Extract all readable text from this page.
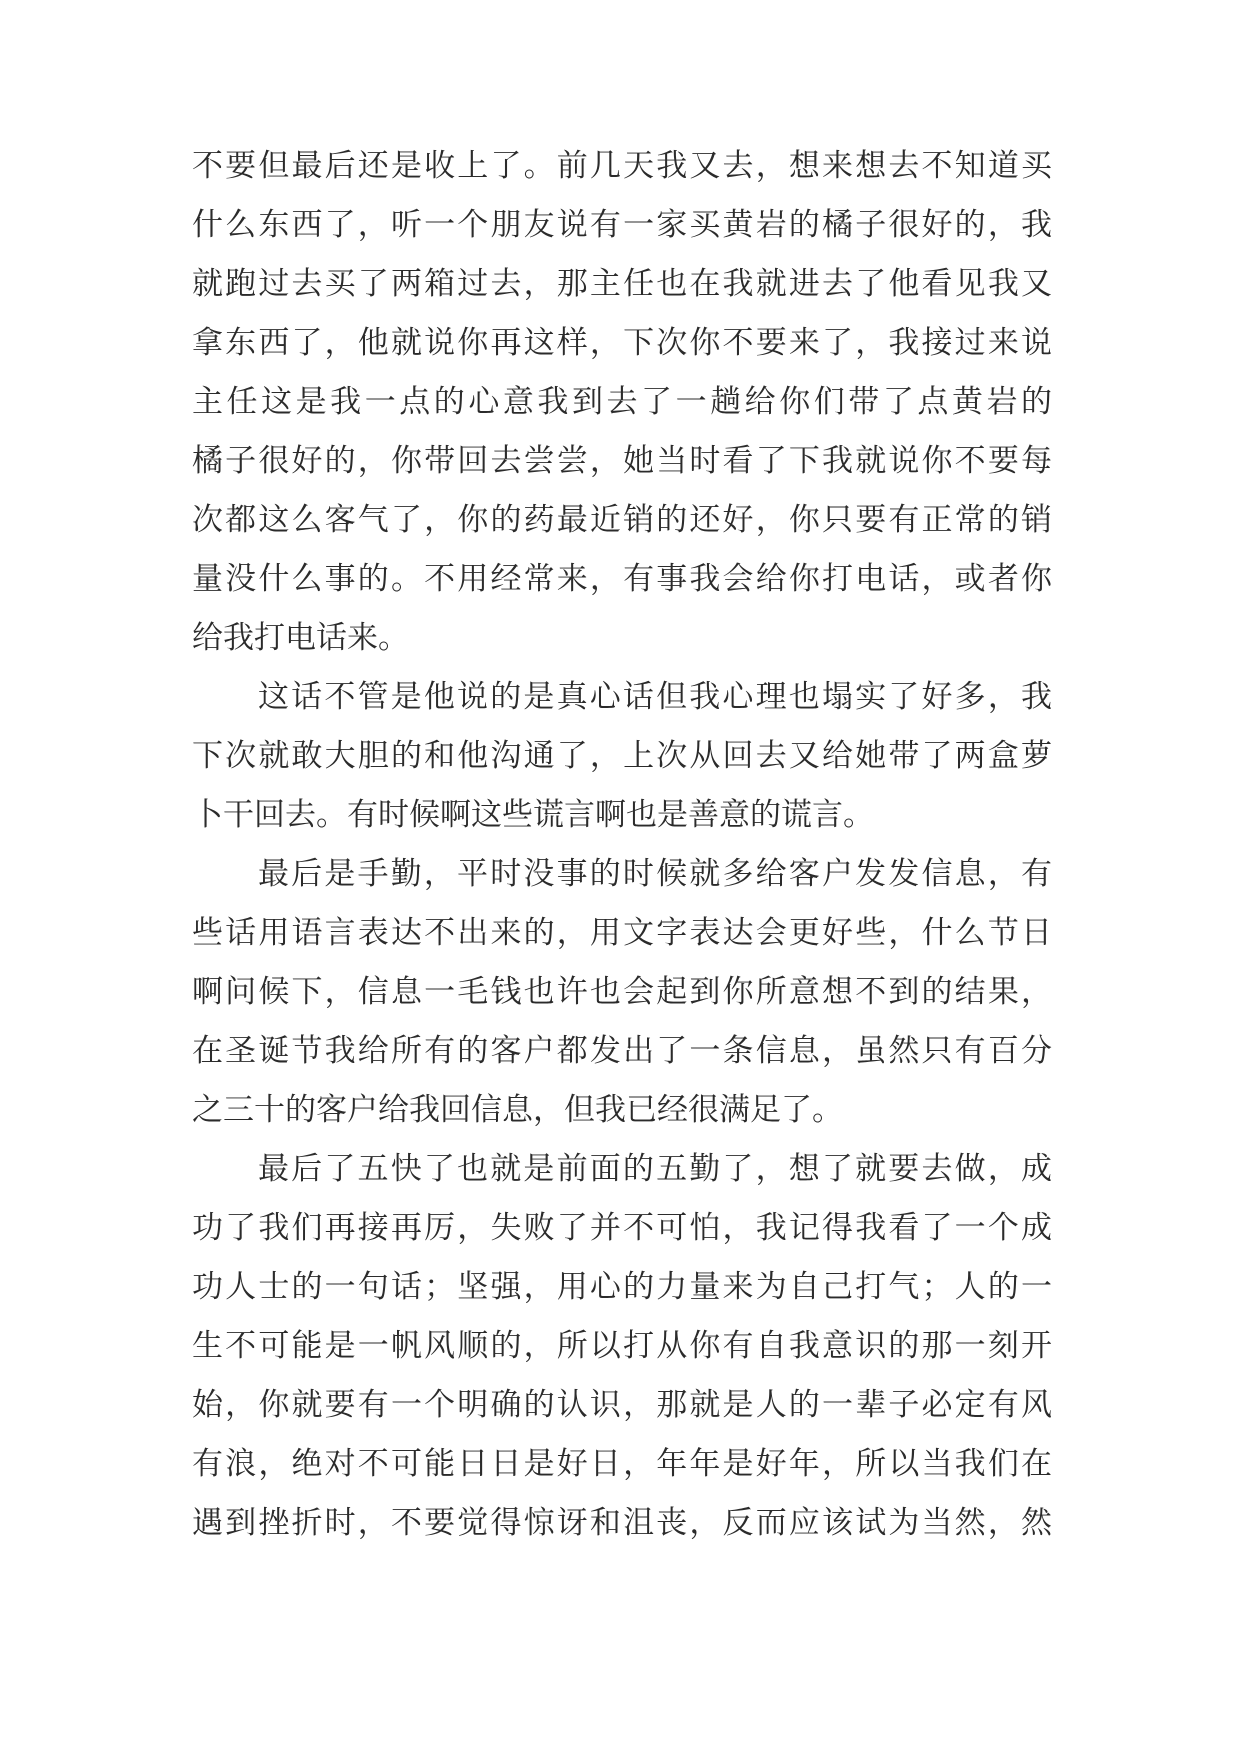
不要但最后还是收上了。前几天我又去，想来想去不知道买
什么东西了，听一个朋友说有一家买黄岩的橘子很好的，我
就跑过去买了两箱过去，那主任也在我就进去了他看见我又
拿东西了，他就说你再这样，下次你不要来了，我接过来说
主任这是我一点的心意我到去了一趟给你们带了点黄岩的
橘子很好的，你带回去尝尝，她当时看了下我就说你不要每
次都这么客气了，你的药最近销的还好，你只要有正常的销
量没什么事的。不用经常来，有事我会给你打电话，或者你
给我打电话来。
这话不管是他说的是真心话但我心理也塌实了好多，我
下次就敢大胆的和他沟通了，上次从回去又给她带了两盒萝
卜干回去。有时候啊这些谎言啊也是善意的谎言。
最后是手勤，平时没事的时候就多给客户发发信息，有
些话用语言表达不出来的，用文字表达会更好些，什么节日
啊问候下，信息一毛钱也许也会起到你所意想不到的结果，
在圣诞节我给所有的客户都发出了一条信息，虽然只有百分
之三十的客户给我回信息，但我已经很满足了。
最后了五快了也就是前面的五勤了，想了就要去做，成
功了我们再接再厉，失败了并不可怕，我记得我看了一个成
功人士的一句话；坚强，用心的力量来为自己打气；人的一
生不可能是一帆风顺的，所以打从你有自我意识的那一刻开
始，你就要有一个明确的认识，那就是人的一辈子必定有风
有浪，绝对不可能日日是好日，年年是好年，所以当我们在
遇到挫折时，不要觉得惊讶和沮丧，反而应该试为当然，然
